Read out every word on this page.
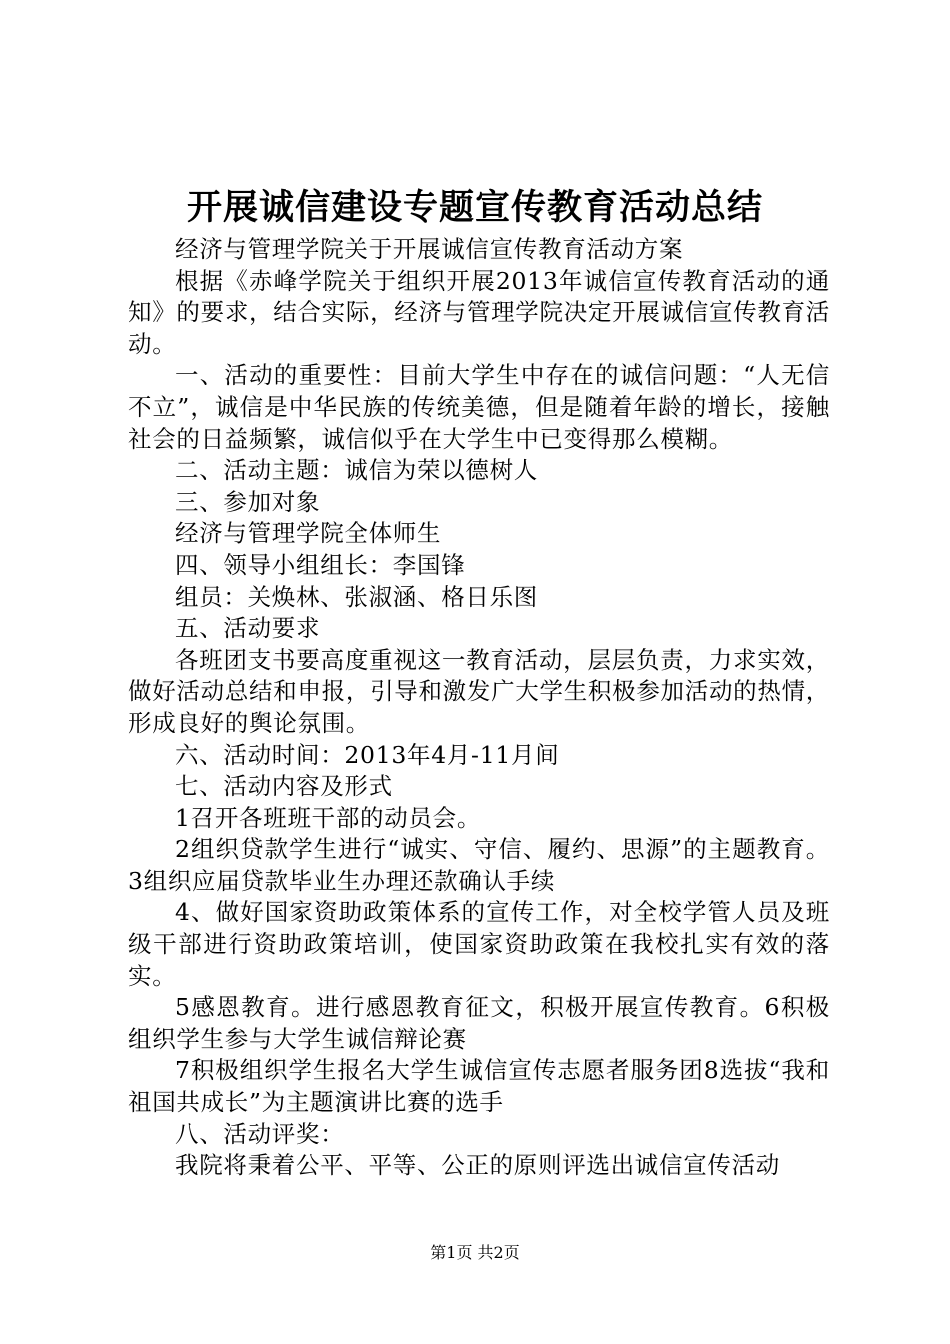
开展诚信建设专题宣传教育活动总结

经济与管理学院关于开展诚信宣传教育活动方案

根据《赤峰学院关于组织开展2013年诚信宣传教育活动的通知》的要求，结合实际，经济与管理学院决定开展诚信宣传教育活动。

一、活动的重要性：目前大学生中存在的诚信问题：“人无信不立”，诚信是中华民族的传统美德，但是随着年龄的增长，接触社会的日益频繁，诚信似乎在大学生中已变得那么模糊。

二、活动主题：诚信为荣以德树人

三、参加对象

经济与管理学院全体师生

四、领导小组组长：李国锋

组员：关焕林、张淑涵、格日乐图

五、活动要求

各班团支书要高度重视这一教育活动，层层负责，力求实效，做好活动总结和申报，引导和激发广大学生积极参加活动的热情，形成良好的舆论氛围。

六、活动时间：2013年4月-11月间

七、活动内容及形式

1召开各班班干部的动员会。

2组织贷款学生进行“诚实、守信、履约、思源”的主题教育。3组织应届贷款毕业生办理还款确认手续

4、做好国家资助政策体系的宣传工作，对全校学管人员及班级干部进行资助政策培训，使国家资助政策在我校扎实有效的落实。

5感恩教育。进行感恩教育征文，积极开展宣传教育。6积极组织学生参与大学生诚信辩论赛

7积极组织学生报名大学生诚信宣传志愿者服务团8选拔“我和祖国共成长”为主题演讲比赛的选手

八、活动评奖：

我院将秉着公平、平等、公正的原则评选出诚信宣传活动

第1页 共2页
